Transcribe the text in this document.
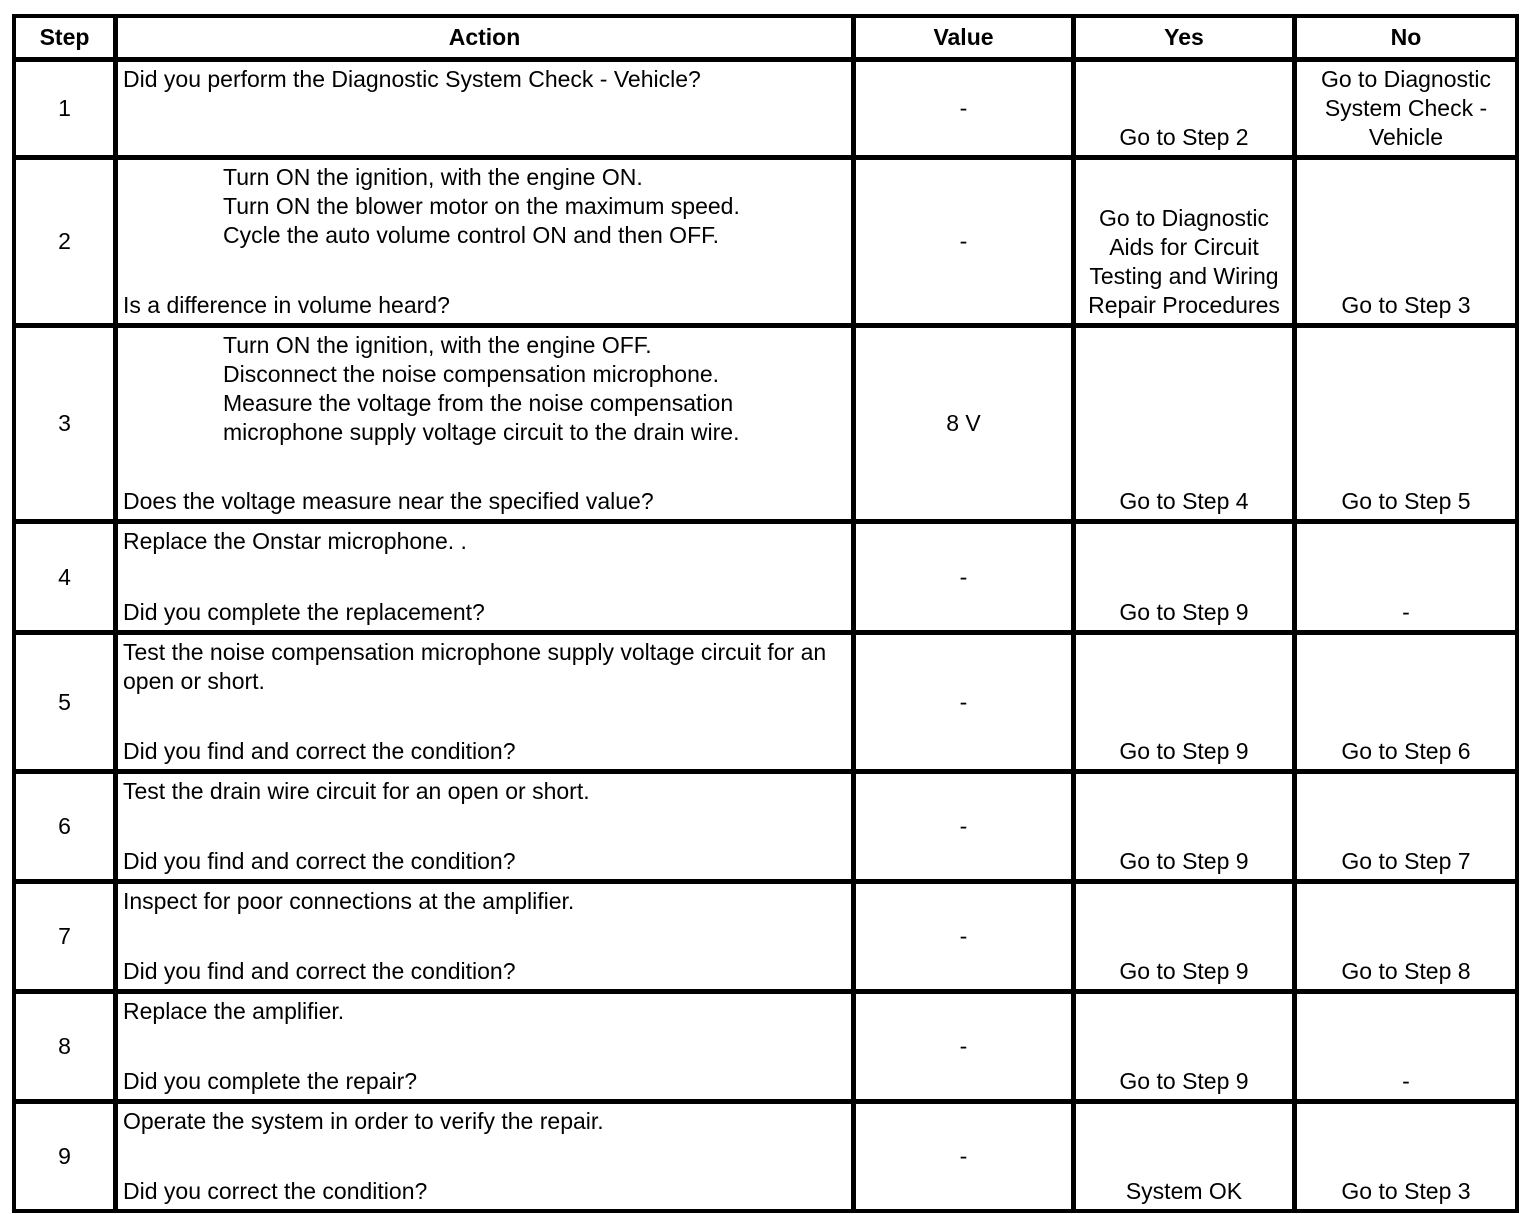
Step	Action	Value	Yes	No
1	Did you perform the Diagnostic System Check - Vehicle?	-	Go to Step 2	Go to Diagnostic System Check - Vehicle
2	Turn ON the ignition, with the engine ON.
Turn ON the blower motor on the maximum speed.
Cycle the auto volume control ON and then OFF.
Is a difference in volume heard?	-	Go to Diagnostic Aids for Circuit Testing and Wiring Repair Procedures	Go to Step 3
3	Turn ON the ignition, with the engine OFF.
Disconnect the noise compensation microphone.
Measure the voltage from the noise compensation
microphone supply voltage circuit to the drain wire.
Does the voltage measure near the specified value?	8 V	Go to Step 4	Go to Step 5
4	Replace the Onstar microphone. .
Did you complete the replacement?	-	Go to Step 9	-
5	Test the noise compensation microphone supply voltage circuit for an open or short.
Did you find and correct the condition?	-	Go to Step 9	Go to Step 6
6	Test the drain wire circuit for an open or short.
Did you find and correct the condition?	-	Go to Step 9	Go to Step 7
7	Inspect for poor connections at the amplifier.
Did you find and correct the condition?	-	Go to Step 9	Go to Step 8
8	Replace the amplifier.
Did you complete the repair?	-	Go to Step 9	-
9	Operate the system in order to verify the repair.
Did you correct the condition?	-	System OK	Go to Step 3
